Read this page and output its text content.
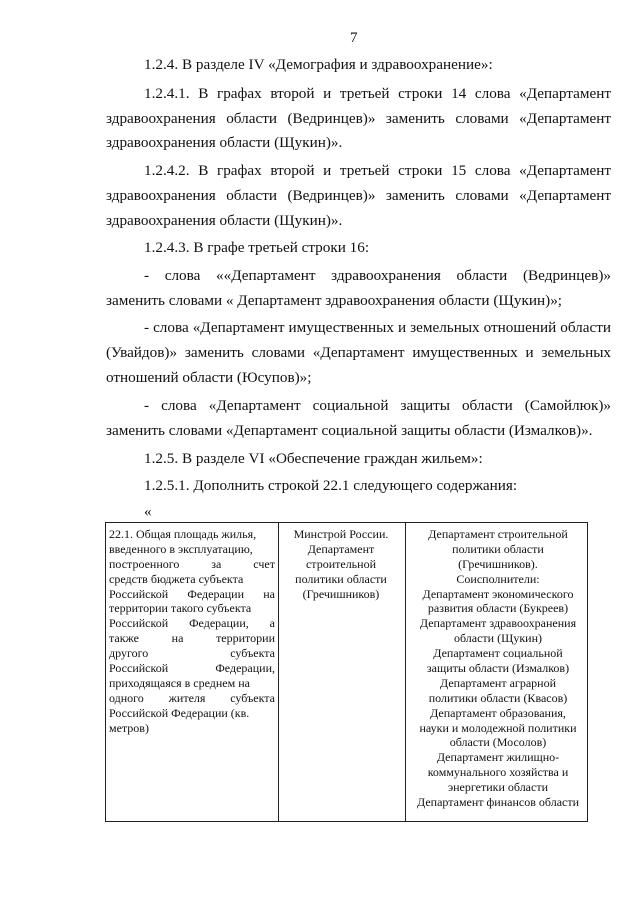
7
1.2.4. В разделе IV «Демография и здравоохранение»:
1.2.4.1. В графах второй и третьей строки 14 слова «Департамент
здравоохранения области (Ведринцев)» заменить словами «Департамент
здравоохранения области (Щукин)».
1.2.4.2. В графах второй и третьей строки 15 слова «Департамент
здравоохранения области (Ведринцев)» заменить словами «Департамент
здравоохранения области (Щукин)».
1.2.4.3. В графе третьей строки 16:
- слова ««Департамент здравоохранения области (Ведринцев)»
заменить словами « Департамент здравоохранения области (Щукин)»;
- слова «Департамент имущественных и земельных отношений области
(Увайдов)» заменить словами «Департамент имущественных и земельных
отношений области (Юсупов)»;
- слова «Департамент социальной защиты области (Самойлюк)»
заменить словами «Департамент социальной защиты области (Измалков)».
1.2.5. В разделе VI «Обеспечение граждан жильем»:
1.2.5.1. Дополнить строкой 22.1 следующего содержания:
«
22.1. Общая площадь жилья,
введенного в эксплуатацию,
построенного за счет
средств бюджета субъекта
Российской Федерации на
территории такого субъекта
Российской Федерации, а
также на территории
другого субъекта
Российской Федерации,
приходящаяся в среднем на
одного жителя субъекта
Российской Федерации (кв.
метров)
Минстрой России.
Департамент
строительной
политики области
(Гречишников)
Департамент строительной
политики области
(Гречишников).
Соисполнители:
Департамент экономического
развития области (Букреев)
Департамент здравоохранения
области (Щукин)
Департамент социальной
защиты области (Измалков)
Департамент аграрной
политики области (Квасов)
Департамент образования,
науки и молодежной политики
области (Мосолов)
Департамент жилищно-
коммунального хозяйства и
энергетики области
Департамент финансов области
